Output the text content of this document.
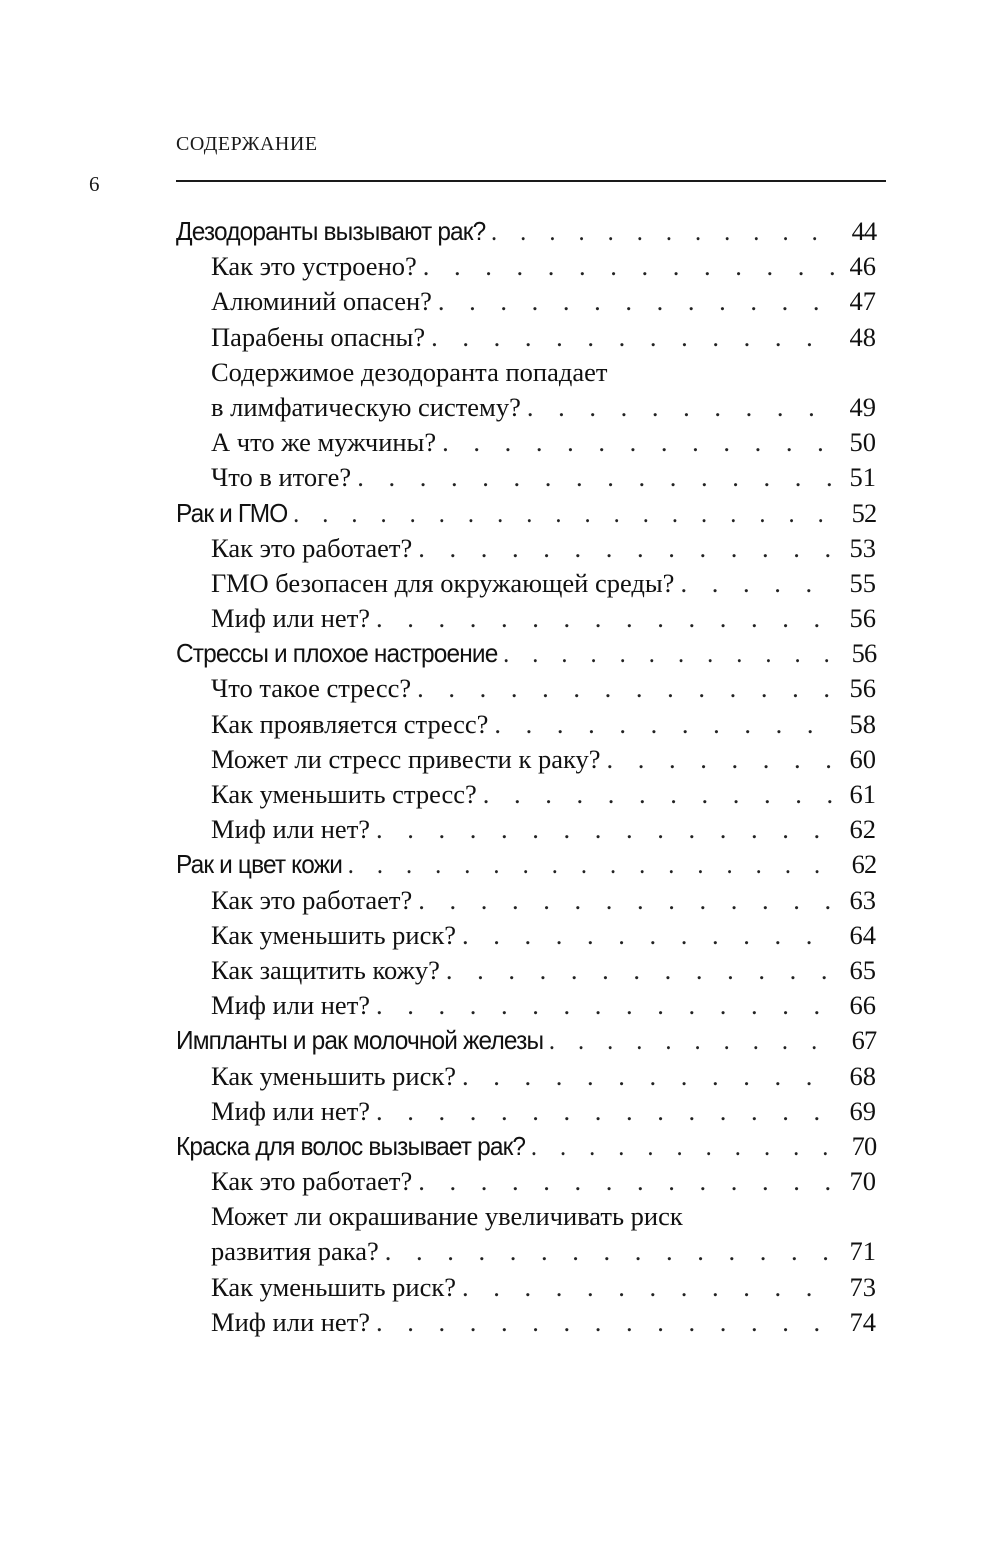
СОДЕРЖАНИЕ
6
Дезодоранты вызывают рак? . . .	44
Как это устроено? . . .	46
Алюминий опасен? . . .	47
Парабены опасны? . . .	48
Содержимое дезодоранта попадает
в лимфатическую систему? . . .	49
А что же мужчины? . . .	50
Что в итоге? . . .	51
Рак и ГМО . . .	52
Как это работает? . . .	53
ГМО безопасен для окружающей среды? . . .	55
Миф или нет? . . .	56
Стрессы и плохое настроение . . .	56
Что такое стресс? . . .	56
Как проявляется стресс? . . .	58
Может ли стресс привести к раку? . . .	60
Как уменьшить стресс? . . .	61
Миф или нет? . . .	62
Рак и цвет кожи . . .	62
Как это работает? . . .	63
Как уменьшить риск? . . .	64
Как защитить кожу? . . .	65
Миф или нет? . . .	66
Импланты и рак молочной железы . . .	67
Как уменьшить риск? . . .	68
Миф или нет? . . .	69
Краска для волос вызывает рак? . . .	70
Как это работает? . . .	70
Может ли окрашивание увеличивать риск
развития рака? . . .	71
Как уменьшить риск? . . .	73
Миф или нет? . . .	74
